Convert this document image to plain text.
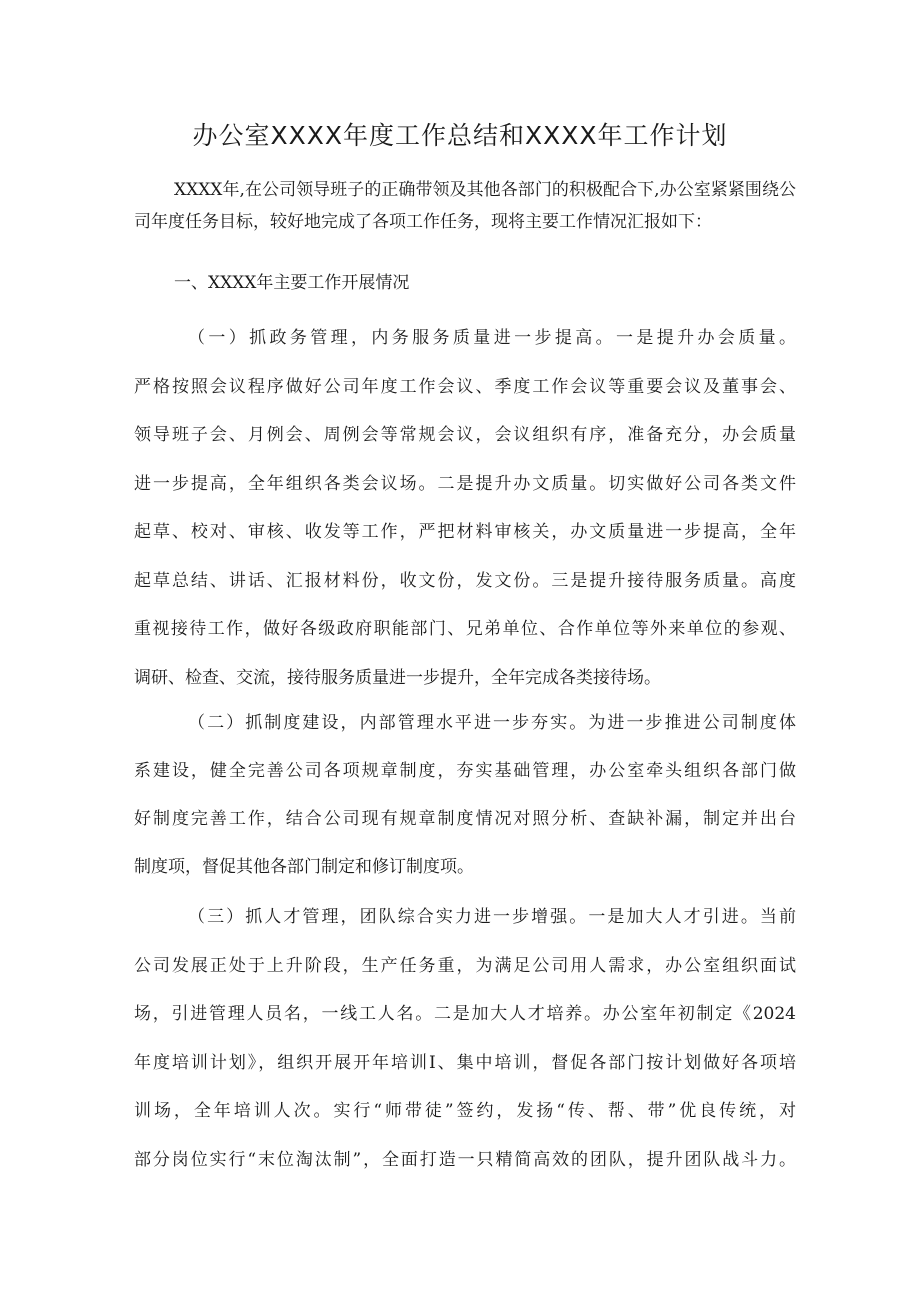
办公室XXXX年度工作总结和XXXX年工作计划

XXXX年,在公司领导班子的正确带领及其他各部门的积极配合下,办公室紧紧围绕公司年度任务目标，较好地完成了各项工作任务，现将主要工作情况汇报如下：

一、XXXX年主要工作开展情况

（一）抓政务管理，内务服务质量进一步提高。一是提升办会质量。
严格按照会议程序做好公司年度工作会议、季度工作会议等重要会议及董事会、
领导班子会、月例会、周例会等常规会议，会议组织有序，准备充分，办会质量
进一步提高，全年组织各类会议场。二是提升办文质量。切实做好公司各类文件
起草、校对、审核、收发等工作，严把材料审核关，办文质量进一步提高，全年
起草总结、讲话、汇报材料份，收文份，发文份。三是提升接待服务质量。高度
重视接待工作，做好各级政府职能部门、兄弟单位、合作单位等外来单位的参观、
调研、检查、交流，接待服务质量进一步提升，全年完成各类接待场。
（二）抓制度建设，内部管理水平进一步夯实。为进一步推进公司制度体
系建设，健全完善公司各项规章制度，夯实基础管理，办公室牵头组织各部门做
好制度完善工作，结合公司现有规章制度情况对照分析、查缺补漏，制定并出台
制度项，督促其他各部门制定和修订制度项。
（三）抓人才管理，团队综合实力进一步增强。一是加大人才引进。当前
公司发展正处于上升阶段，生产任务重，为满足公司用人需求，办公室组织面试
场，引进管理人员名，一线工人名。二是加大人才培养。办公室年初制定《2024
年度培训计划》，组织开展开年培训I、集中培训，督促各部门按计划做好各项培
训场，全年培训人次。实行“师带徒”签约，发扬“传、帮、带”优良传统，对
部分岗位实行“末位淘汰制”，全面打造一只精简高效的团队，提升团队战斗力。
